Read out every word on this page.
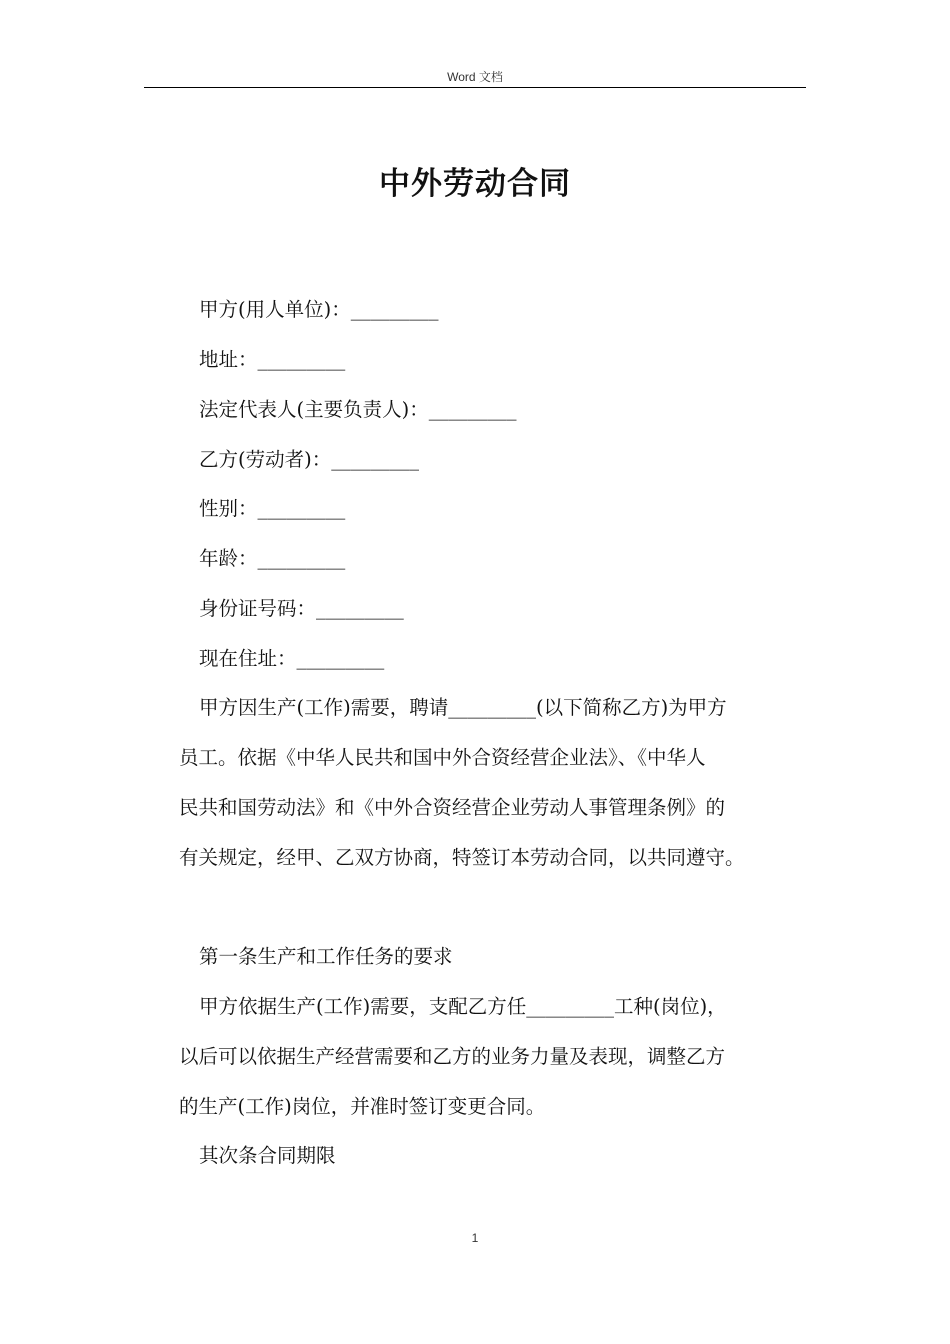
Word 文档
中外劳动合同
甲方(用人单位)：_________
地址：_________
法定代表人(主要负责人)：_________
乙方(劳动者)：_________
性别：_________
年龄：_________
身份证号码：_________
现在住址：_________
甲方因生产(工作)需要，聘请_________(以下简称乙方)为甲方
员工。依据《中华人民共和国中外合资经营企业法》、《中华人
民共和国劳动法》和《中外合资经营企业劳动人事管理条例》的
有关规定，经甲、乙双方协商，特签订本劳动合同，以共同遵守。
第一条生产和工作任务的要求
甲方依据生产(工作)需要，支配乙方任_________工种(岗位)，
以后可以依据生产经营需要和乙方的业务力量及表现，调整乙方
的生产(工作)岗位，并准时签订变更合同。
其次条合同期限
1
